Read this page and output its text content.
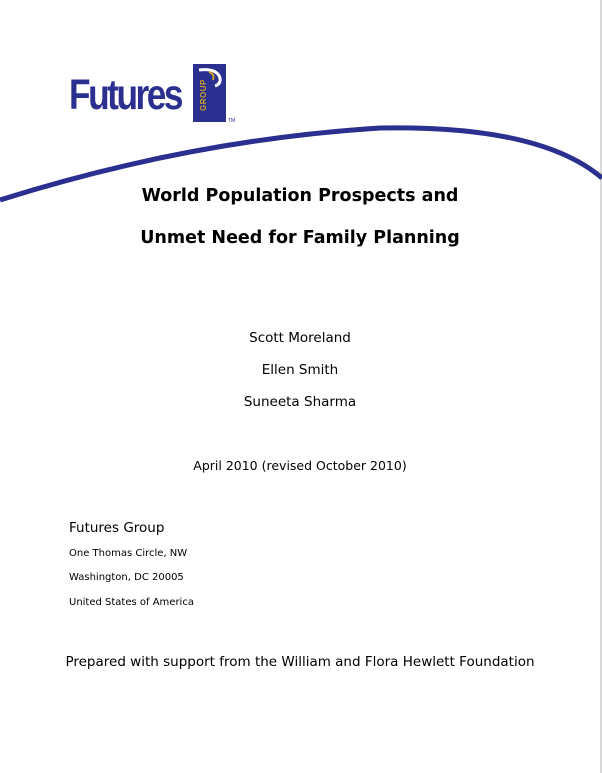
Futures GROUP
TM
World Population Prospects and
Unmet Need for Family Planning
Scott Moreland
Ellen Smith
Suneeta Sharma
April 2010 (revised October 2010)
Futures Group
One Thomas Circle, NW
Washington, DC 20005
United States of America
Prepared with support from the William and Flora Hewlett Foundation
